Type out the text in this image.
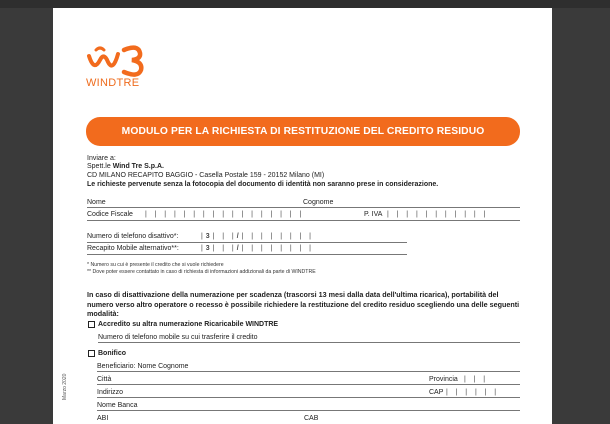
WINDTRE
MODULO PER LA RICHIESTA DI RESTITUZIONE DEL CREDITO RESIDUO
Inviare a:
Spett.le Wind Tre S.p.A.
CD MILANO RECAPITO BAGGIO - Casella Postale 159 - 20152 Milano (MI)
Le richieste pervenute senza la fotocopia del documento di identità non saranno prese in considerazione.
Nome	Cognome
Codice Fiscale |   |   |   |   |   |   |   |   |   |   |   |   |   |   |   |   |	P. IVA |   |   |   |   |   |   |   |   |   |   |
Numero di telefono disattivo*:	| 3 |   |   | / |   |   |   |   |   |   |   |
Recapito Mobile alternativo**:	| 3 |   |   | / |   |   |   |   |   |   |   |
* Numero su cui è presente il credito che si vuole richiedere
** Dove poter essere contattato in caso di richiesta di informazioni addizionali da parte di WINDTRE
In caso di disattivazione della numerazione per scadenza (trascorsi 13 mesi dalla data dell'ultima ricarica), portabilità del numero verso altro operatore o recesso è possibile richiedere la restituzione del credito residuo scegliendo una delle seguenti modalità:
Accredito su altra numerazione Ricaricabile WINDTRE
Numero di telefono mobile su cui trasferire il credito
Bonifico
Beneficiario: Nome Cognome
Città	Provincia |   |   |
Indirizzo	CAP |   |   |   |   |   |
Nome Banca
ABI	CAB
Marzo 2020
